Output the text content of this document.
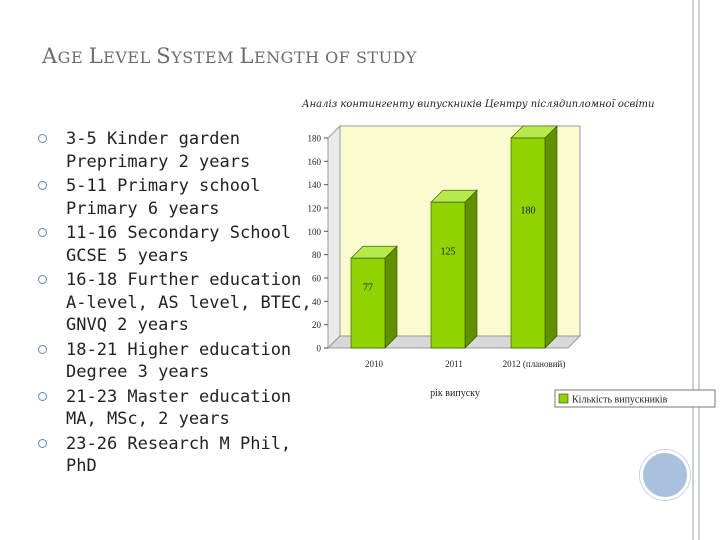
AGE LEVEL SYSTEM LENGTH OF STUDY
3-5 Kinder garden Preprimary 2 years
5-11 Primary school Primary 6 years
11-16 Secondary School GCSE 5 years
16-18 Further education A-level, AS level, BTEC, GNVQ 2 years
18-21 Higher education Degree 3 years
21-23 Master education MA, MSc, 2 years
23-26 Research M Phil, PhD
Аналіз контингенту випускників Центру післядипломної освіти
0
20
40
60
80
100
120
140
160
180
77
2010
125
2011
180
2012 (плановий)
рік випуску
Кількість випускників
